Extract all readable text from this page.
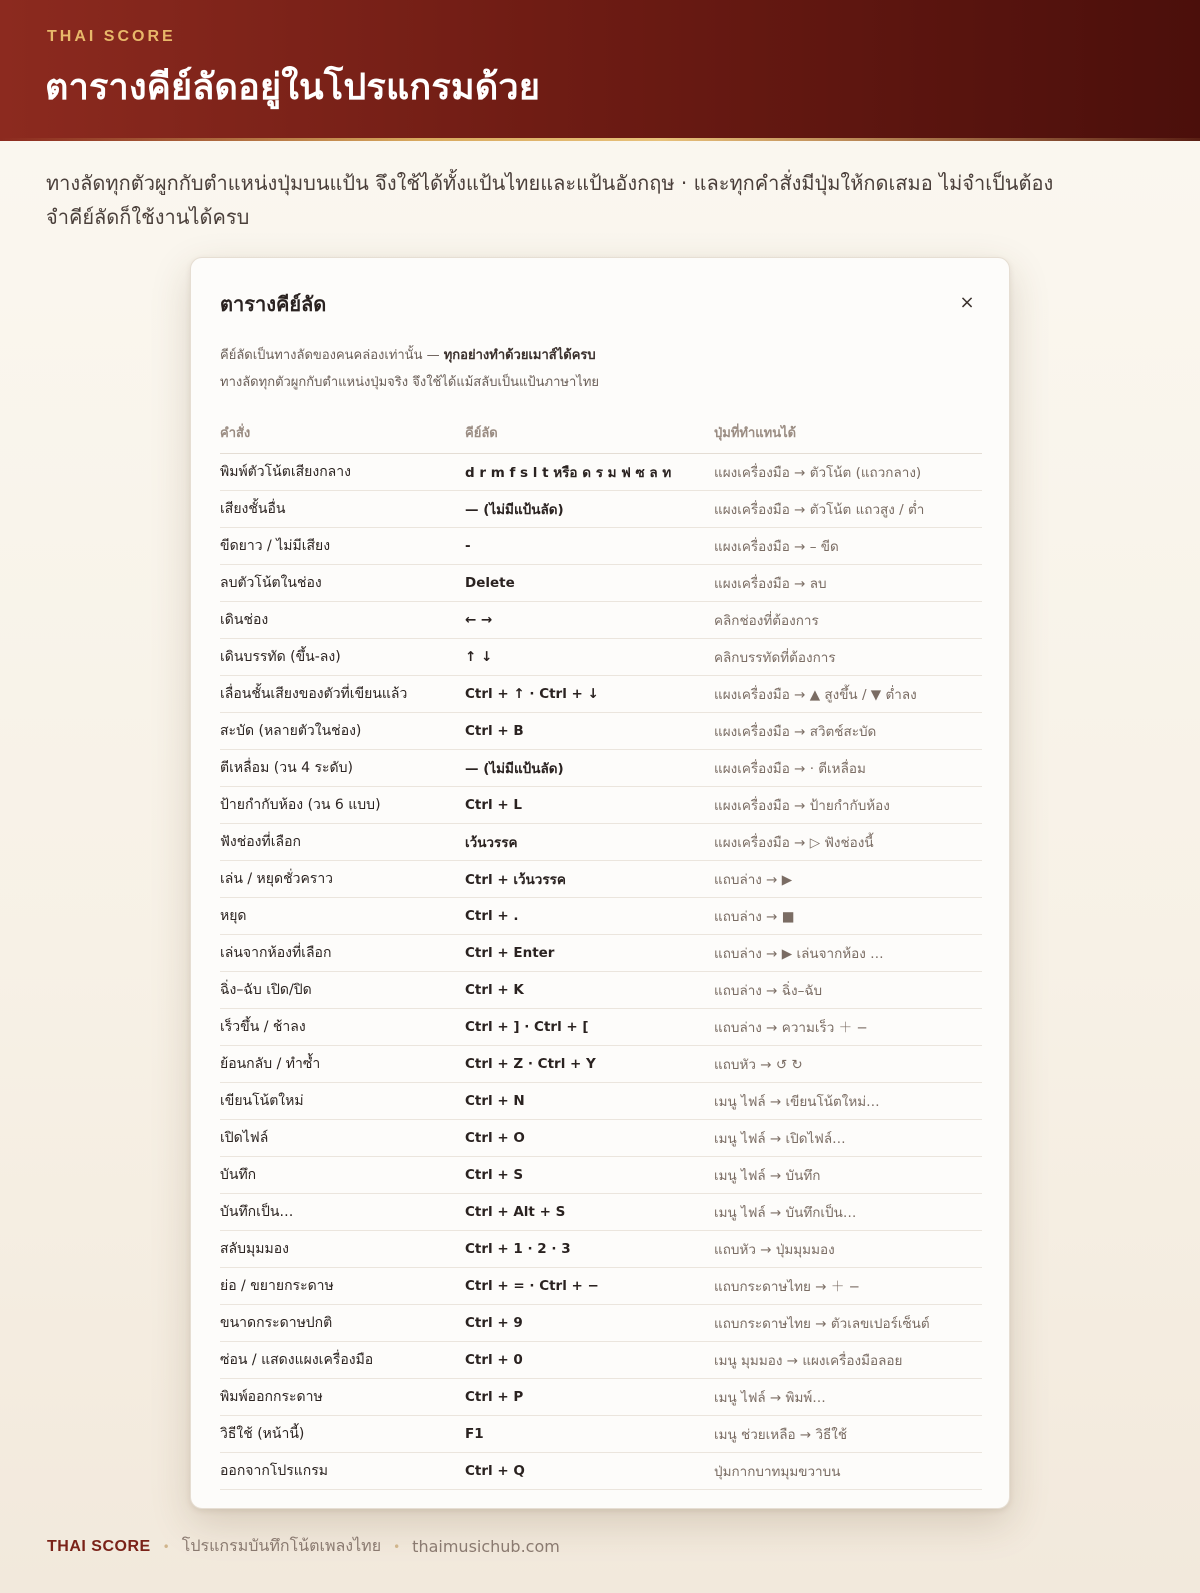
THAI SCORE
ตารางคีย์ลัดอยู่ในโปรแกรมด้วย

ทางลัดทุกตัวผูกกับตำแหน่งปุ่มบนแป้น จึงใช้ได้ทั้งแป้นไทยและแป้นอังกฤษ · และทุกคำสั่งมีปุ่มให้กดเสมอ ไม่จำเป็นต้องจำคีย์ลัดก็ใช้งานได้ครบ

ตารางคีย์ลัด	×
คีย์ลัดเป็นทางลัดของคนคล่องเท่านั้น — ทุกอย่างทำด้วยเมาส์ได้ครบ
ทางลัดทุกตัวผูกกับตำแหน่งปุ่มจริง จึงใช้ได้แม้สลับเป็นแป้นภาษาไทย
คำสั่ง	คีย์ลัด	ปุ่มที่ทำแทนได้
พิมพ์ตัวโน้ตเสียงกลาง	d r m f s l t หรือ ด ร ม ฟ ซ ล ท	แผงเครื่องมือ → ตัวโน้ต (แถวกลาง)
เสียงชั้นอื่น	— (ไม่มีแป้นลัด)	แผงเครื่องมือ → ตัวโน้ต แถวสูง / ต่ำ
ขีดยาว / ไม่มีเสียง	-	แผงเครื่องมือ → – ขีด
ลบตัวโน้ตในช่อง	Delete	แผงเครื่องมือ → ลบ
เดินช่อง	← →	คลิกช่องที่ต้องการ
เดินบรรทัด (ขึ้น-ลง)	↑ ↓	คลิกบรรทัดที่ต้องการ
เลื่อนชั้นเสียงของตัวที่เขียนแล้ว	Ctrl + ↑ · Ctrl + ↓	แผงเครื่องมือ → ▲ สูงขึ้น / ▼ ต่ำลง
สะบัด (หลายตัวในช่อง)	Ctrl + B	แผงเครื่องมือ → สวิตช์สะบัด
ตีเหลื่อม (วน 4 ระดับ)	— (ไม่มีแป้นลัด)	แผงเครื่องมือ → · ตีเหลื่อม
ป้ายกำกับห้อง (วน 6 แบบ)	Ctrl + L	แผงเครื่องมือ → ป้ายกำกับห้อง
ฟังช่องที่เลือก	เว้นวรรค	แผงเครื่องมือ → ▷ ฟังช่องนี้
เล่น / หยุดชั่วคราว	Ctrl + เว้นวรรค	แถบล่าง → ▶
หยุด	Ctrl + .	แถบล่าง → ■
เล่นจากห้องที่เลือก	Ctrl + Enter	แถบล่าง → ▶ เล่นจากห้อง …
ฉิ่ง–ฉับ เปิด/ปิด	Ctrl + K	แถบล่าง → ฉิ่ง–ฉับ
เร็วขึ้น / ช้าลง	Ctrl + ] · Ctrl + [	แถบล่าง → ความเร็ว ＋ −
ย้อนกลับ / ทำซ้ำ	Ctrl + Z · Ctrl + Y	แถบหัว → ↺ ↻
เขียนโน้ตใหม่	Ctrl + N	เมนู ไฟล์ → เขียนโน้ตใหม่…
เปิดไฟล์	Ctrl + O	เมนู ไฟล์ → เปิดไฟล์…
บันทึก	Ctrl + S	เมนู ไฟล์ → บันทึก
บันทึกเป็น…	Ctrl + Alt + S	เมนู ไฟล์ → บันทึกเป็น…
สลับมุมมอง	Ctrl + 1 · 2 · 3	แถบหัว → ปุ่มมุมมอง
ย่อ / ขยายกระดาษ	Ctrl + = · Ctrl + −	แถบกระดาษไทย → ＋ −
ขนาดกระดาษปกติ	Ctrl + 9	แถบกระดาษไทย → ตัวเลขเปอร์เซ็นต์
ซ่อน / แสดงแผงเครื่องมือ	Ctrl + 0	เมนู มุมมอง → แผงเครื่องมือลอย
พิมพ์ออกกระดาษ	Ctrl + P	เมนู ไฟล์ → พิมพ์…
วิธีใช้ (หน้านี้)	F1	เมนู ช่วยเหลือ → วิธีใช้
ออกจากโปรแกรม	Ctrl + Q	ปุ่มกากบาทมุมขวาบน
THAI SCORE • โปรแกรมบันทึกโน้ตเพลงไทย • thaimusichub.com
